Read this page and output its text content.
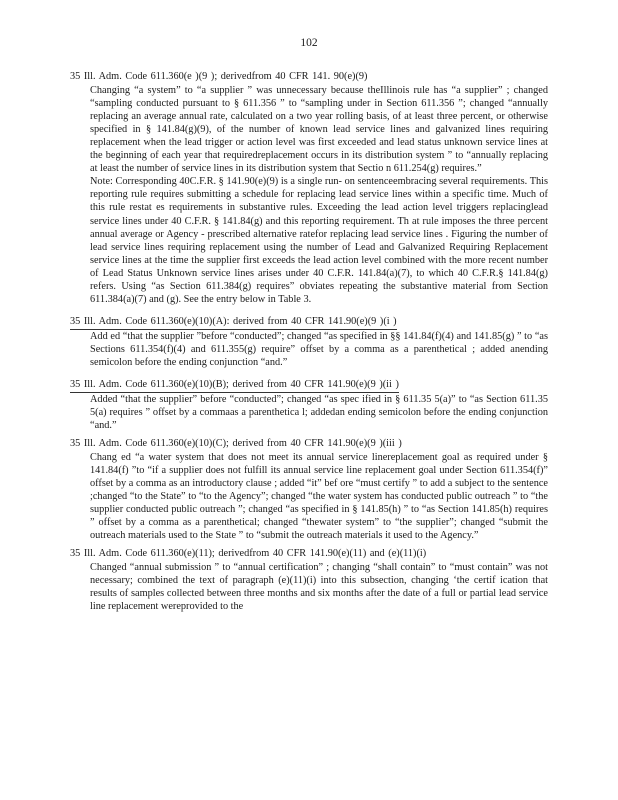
102
35 Ill. Adm. Code 611.360(e )(9 ); derivedfrom 40 CFR 141. 90(e)(9)

Changing “a system” to “a supplier ” was unnecessary because theIllinois rule has “a supplier” ; changed “sampling conducted pursuant to § 611.356 ” to “sampling under in Section 611.356 ”; changed “annually replacing an average annual rate, calculated on a two year rolling basis, of at least three percent, or otherwise specified in § 141.84(g)(9), of the number of known lead service lines and galvanized lines requiring replacement when the lead trigger or action level was first exceeded and lead status unknown service lines at the beginning of each year that requiredreplacement occurs in its distribution system ” to “annually replacing at least the number of service lines in its distribution system that Sectio n 611.254(g) requires.”

Note: Corresponding 40C.F.R. § 141.90(e)(9) is a single run- on sentenceembracing several requirements. This reporting rule requires submitting a schedule for replacing lead service lines within a specific time. Much of this rule restat es requirements in substantive rules. Exceeding the lead action level triggers replacinglead service lines under 40 C.F.R. § 141.84(g) and this reporting requirement. Th at rule imposes the three percent annual average or Agency - prescribed alternative ratefor replacing lead service lines . Figuring the number of lead service lines requiring replacement using the number of Lead and Galvanized Requiring Replacement service lines at the time the supplier first exceeds the lead action level combined with the more recent number of Lead Status Unknown service lines arises under 40 C.F.R. 141.84(a)(7), to which 40 C.F.R.§ 141.84(g) refers. Using “as Section 611.384(g) requires” obviates repeating the substantive material from Section 611.384(a)(7) and (g). See the entry below in Table 3.

35 Ill. Adm. Code 611.360(e)(10)(A): derived from 40 CFR 141.90(e)(9 )(i )

Add ed “that the supplier ”before “conducted”; changed “as specified in §§ 141.84(f)(4) and 141.85(g) ” to “as Sections 611.354(f)(4) and 611.355(g) require” offset by a comma as a parenthetical ; added anending semicolon before the ending conjunction “and.”

35 Ill. Adm. Code 611.360(e)(10)(B); derived from 40 CFR 141.90(e)(9 )(ii )

Added “that the supplier” before “conducted”; changed “as spec ified in § 611.35 5(a)” to “as Section 611.35 5(a) requires ” offset by a commaas a parenthetica l; addedan ending semicolon before the ending conjunction “and.”

35 Ill. Adm. Code 611.360(e)(10)(C); derived from 40 CFR 141.90(e)(9 )(iii )

Chang ed “a water system that does not meet its annual service linereplacement goal as required under § 141.84(f) ”to “if a supplier does not fulfill its annual service line replacement goal under Section 611.354(f)” offset by a comma as an introductory clause ; added “it” bef ore “must certify ” to add a subject to the sentence ;changed “to the State” to “to the Agency”; changed “the water system has conducted public outreach ” to “the supplier conducted public outreach ”; changed “as specified in § 141.85(h) ” to “as Section 141.85(h) requires ” offset by a comma as a parenthetical; changed “thewater system” to “the supplier”; changed “submit the outreach materials used to the State ” to “submit the outreach materials it used to the Agency.”

35 Ill. Adm. Code 611.360(e)(11); derivedfrom 40 CFR 141.90(e)(11) and (e)(11)(i)

Changed “annual submission ” to “annual certification” ; changing “shall contain” to “must contain” was not necessary; combined the text of paragraph (e)(11)(i) into this subsection, changing ‘the certif ication that results of samples collected between three months and six months after the date of a full or partial lead service line replacement wereprovided to the
